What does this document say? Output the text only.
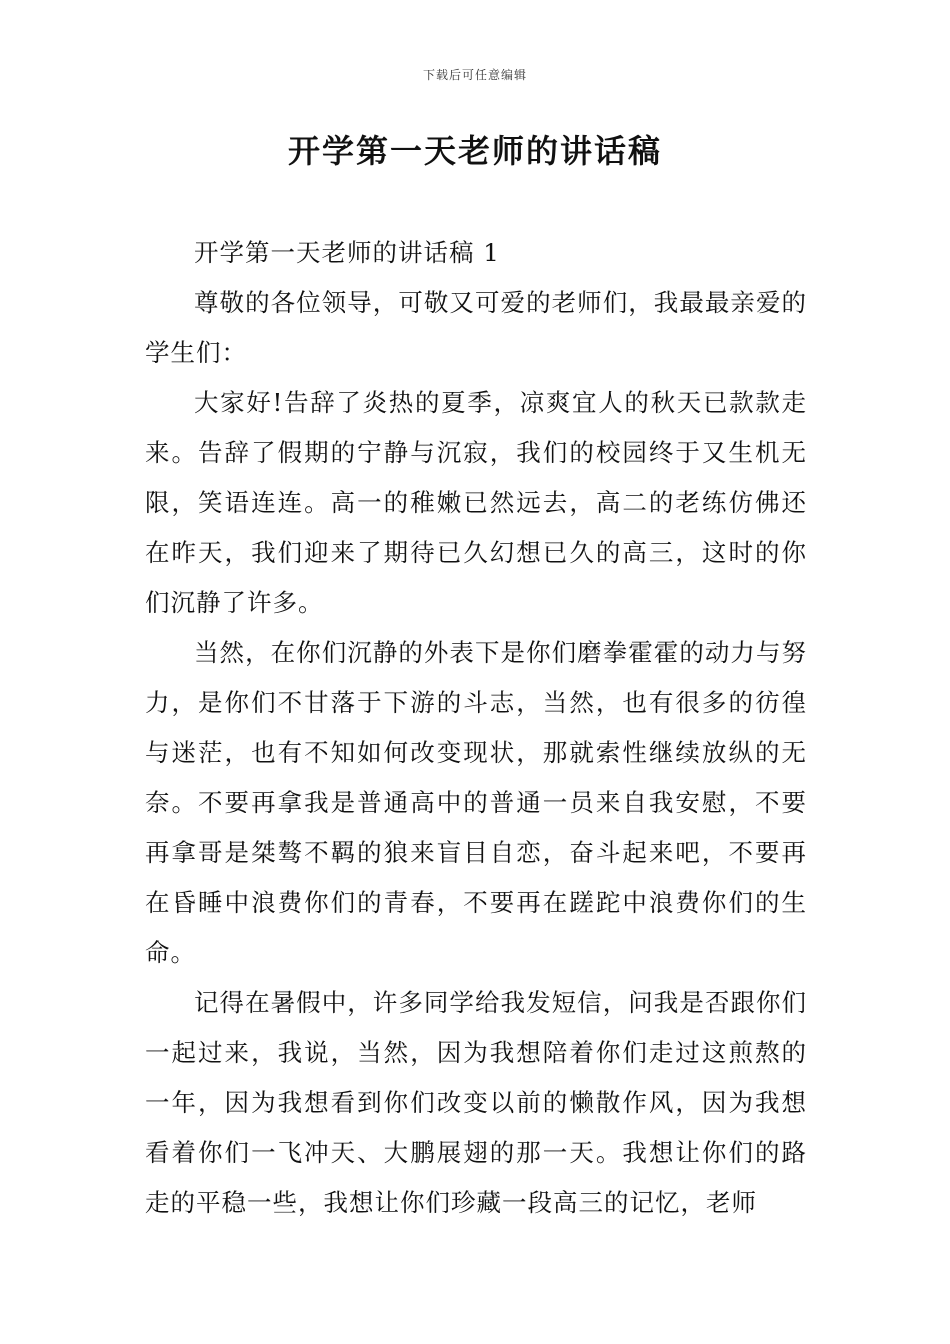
下载后可任意编辑
开学第一天老师的讲话稿

开学第一天老师的讲话稿 1

尊敬的各位领导，可敬又可爱的老师们，我最最亲爱的学生们：

大家好!告辞了炎热的夏季，凉爽宜人的秋天已款款走来。告辞了假期的宁静与沉寂，我们的校园终于又生机无限，笑语连连。高一的稚嫩已然远去，高二的老练仿佛还在昨天，我们迎来了期待已久幻想已久的高三，这时的你们沉静了许多。

当然，在你们沉静的外表下是你们磨拳霍霍的动力与努力，是你们不甘落于下游的斗志，当然，也有很多的彷徨与迷茫，也有不知如何改变现状，那就索性继续放纵的无奈。不要再拿我是普通高中的普通一员来自我安慰，不要再拿哥是桀骜不羁的狼来盲目自恋，奋斗起来吧，不要再在昏睡中浪费你们的青春，不要再在蹉跎中浪费你们的生命。

记得在暑假中，许多同学给我发短信，问我是否跟你们一起过来，我说，当然，因为我想陪着你们走过这煎熬的一年，因为我想看到你们改变以前的懒散作风，因为我想看着你们一飞冲天、大鹏展翅的那一天。我想让你们的路走的平稳一些，我想让你们珍藏一段高三的记忆，老师
